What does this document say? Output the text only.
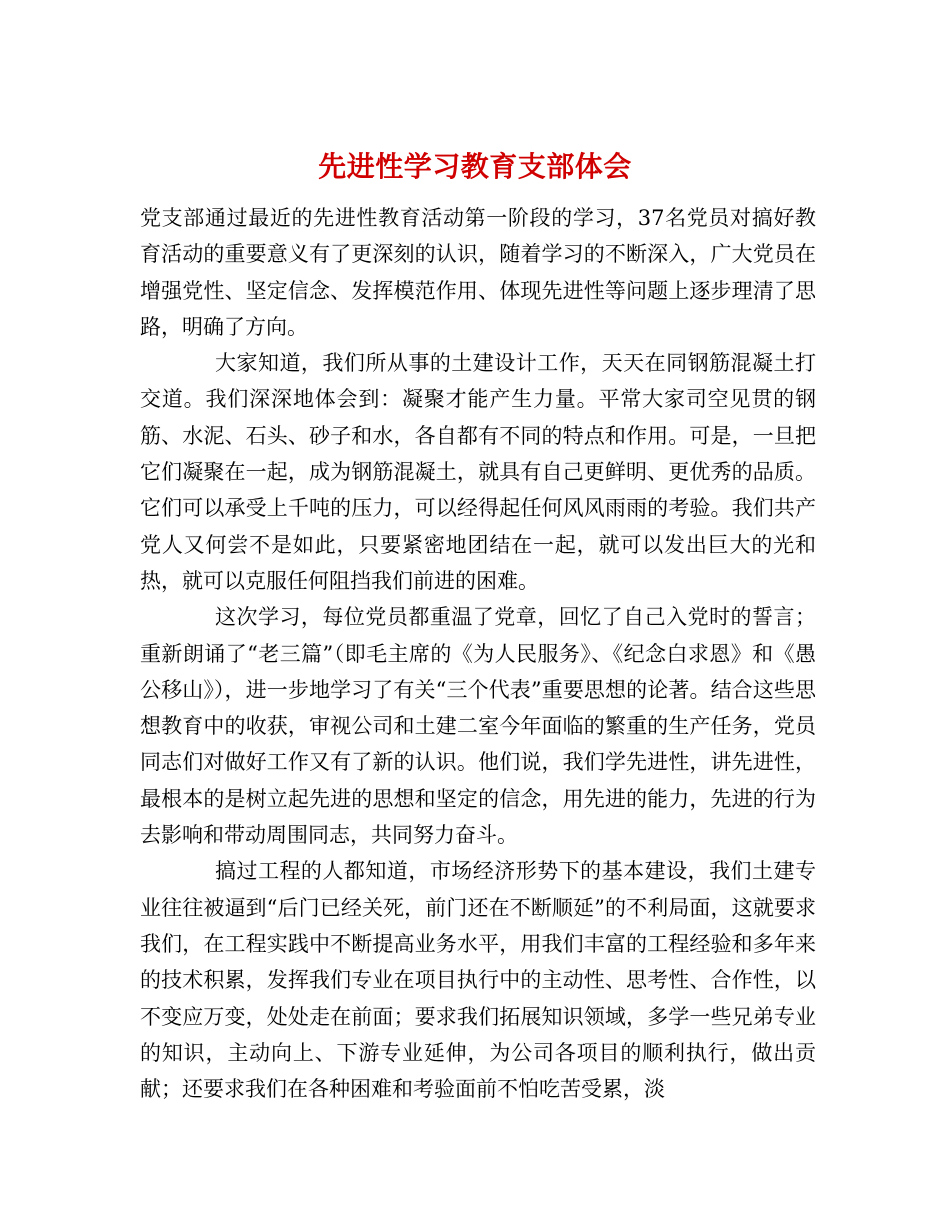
先进性学习教育支部体会

党支部通过最近的先进性教育活动第一阶段的学习，37名党员对搞好教育活动的重要意义有了更深刻的认识，随着学习的不断深入，广大党员在增强党性、坚定信念、发挥模范作用、体现先进性等问题上逐步理清了思路，明确了方向。

大家知道，我们所从事的土建设计工作，天天在同钢筋混凝土打交道。我们深深地体会到：凝聚才能产生力量。平常大家司空见贯的钢筋、水泥、石头、砂子和水，各自都有不同的特点和作用。可是，一旦把它们凝聚在一起，成为钢筋混凝土，就具有自己更鲜明、更优秀的品质。它们可以承受上千吨的压力，可以经得起任何风风雨雨的考验。我们共产党人又何尝不是如此，只要紧密地团结在一起，就可以发出巨大的光和热，就可以克服任何阻挡我们前进的困难。

这次学习，每位党员都重温了党章，回忆了自己入党时的誓言；重新朗诵了“老三篇”（即毛主席的《为人民服务》、《纪念白求恩》和《愚公移山》），进一步地学习了有关“三个代表”重要思想的论著。结合这些思想教育中的收获，审视公司和土建二室今年面临的繁重的生产任务，党员同志们对做好工作又有了新的认识。他们说，我们学先进性，讲先进性，最根本的是树立起先进的思想和坚定的信念，用先进的能力，先进的行为去影响和带动周围同志，共同努力奋斗。

搞过工程的人都知道，市场经济形势下的基本建设，我们土建专业往往被逼到“后门已经关死，前门还在不断顺延”的不利局面，这就要求我们，在工程实践中不断提高业务水平，用我们丰富的工程经验和多年来的技术积累，发挥我们专业在项目执行中的主动性、思考性、合作性，以不变应万变，处处走在前面；要求我们拓展知识领域，多学一些兄弟专业的知识，主动向上、下游专业延伸，为公司各项目的顺利执行，做出贡献；还要求我们在各种困难和考验面前不怕吃苦受累，淡
